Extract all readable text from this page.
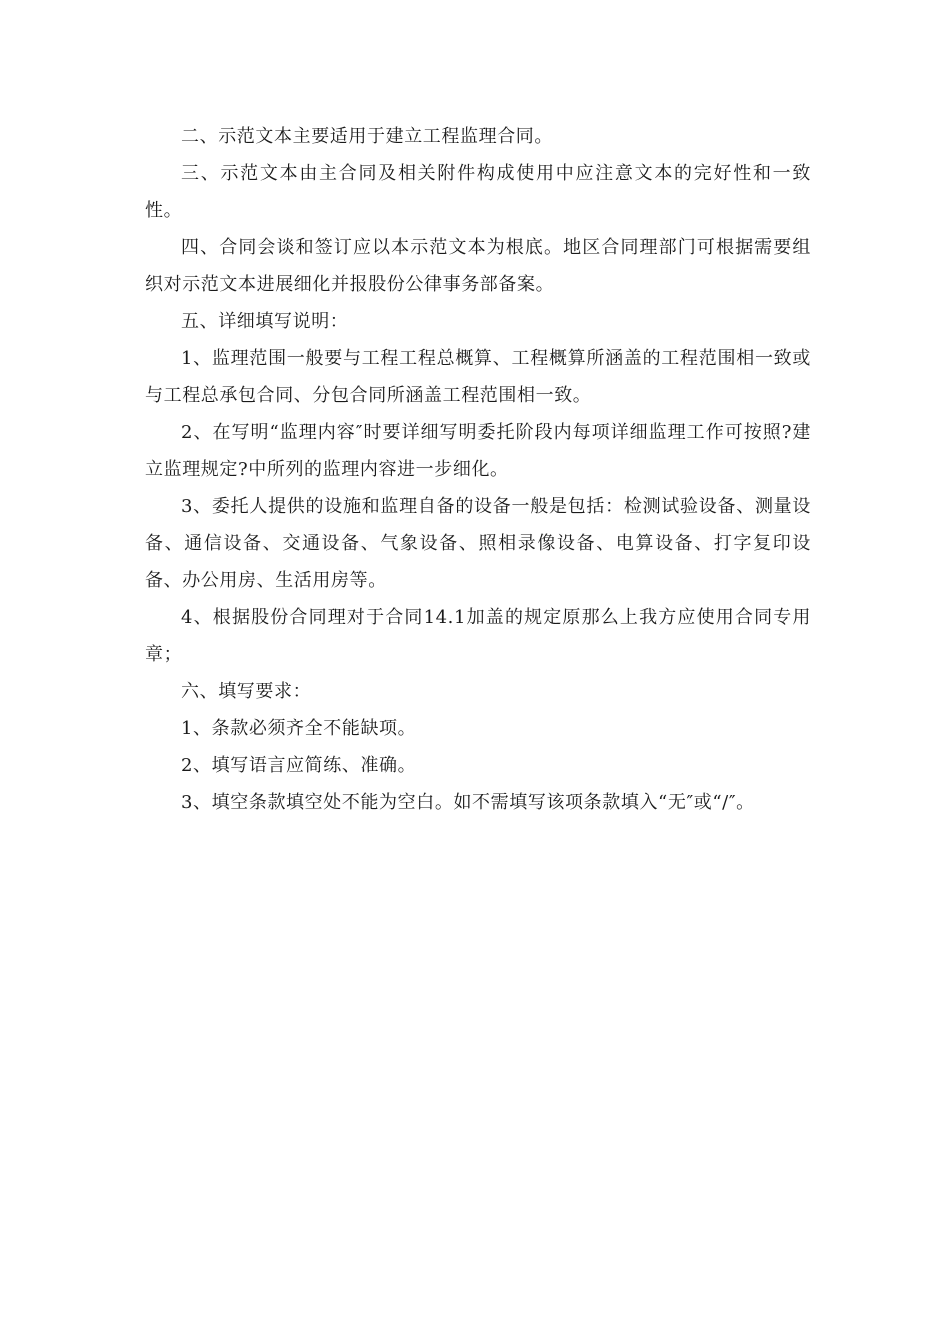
二、示范文本主要适用于建立工程监理合同。

三、示范文本由主合同及相关附件构成使用中应注意文本的完好性和一致性。

四、合同会谈和签订应以本示范文本为根底。地区合同理部门可根据需要组织对示范文本进展细化并报股份公律事务部备案。

五、详细填写说明：

1、监理范围一般要与工程工程总概算、工程概算所涵盖的工程范围相一致或与工程总承包合同、分包合同所涵盖工程范围相一致。

2、在写明“监理内容″时要详细写明委托阶段内每项详细监理工作可按照?建立监理规定?中所列的监理内容进一步细化。

3、委托人提供的设施和监理自备的设备一般是包括：检测试验设备、测量设备、通信设备、交通设备、气象设备、照相录像设备、电算设备、打字复印设备、办公用房、生活用房等。

4、根据股份合同理对于合同14.1加盖的规定原那么上我方应使用合同专用章；

六、填写要求：

1、条款必须齐全不能缺项。

2、填写语言应简练、准确。

3、填空条款填空处不能为空白。如不需填写该项条款填入“无″或“/″。
